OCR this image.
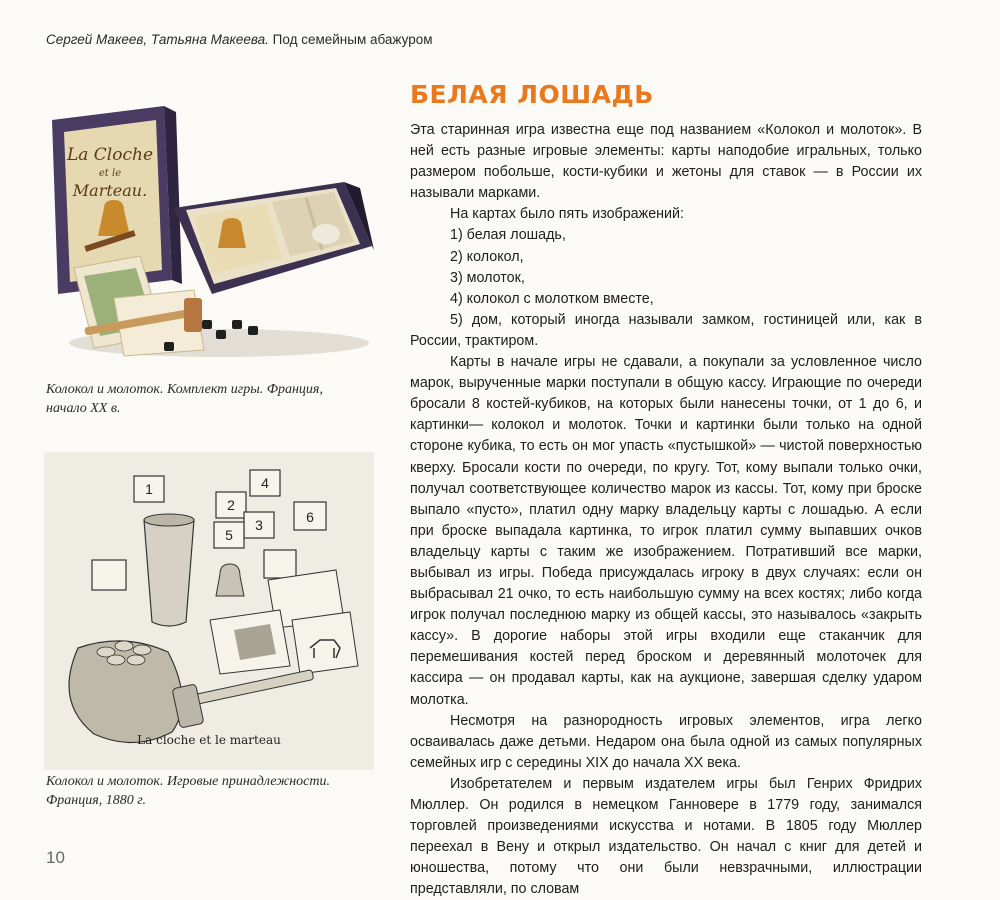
Сергей Макеев, Татьяна Макеева. Под семейным абажуром
La Cloche
et le
Marteau.
Колокол и молоток. Комплект игры. Франция, начало XX в.
1
2
3
4
5
6
La cloche et le marteau
Колокол и молоток. Игровые принадлежности. Франция, 1880 г.
10
БЕЛАЯ ЛОШАДЬ

Эта старинная игра известна еще под названием «Колокол и молоток». В ней есть разные игровые элементы: карты наподобие игральных, только размером побольше, кости-кубики и жетоны для ставок — в России их называли марками.

На картах было пять изображений:

1) белая лошадь,

2) колокол,

3) молоток,

4) колокол с молотком вместе,

5) дом, который иногда называли замком, гостиницей или, как в России, трактиром.

Карты в начале игры не сдавали, а покупали за условленное число марок, вырученные марки поступали в общую кассу. Играющие по очереди бросали 8 костей-кубиков, на которых были нанесены точки, от 1 до 6, и картинки— колокол и молоток. Точки и картинки были только на одной стороне кубика, то есть он мог упасть «пустышкой» — чистой поверхностью кверху. Бросали кости по очереди, по кругу. Тот, кому выпали только очки, получал соответствующее количество марок из кассы. Тот, кому при броске выпало «пусто», платил одну марку владельцу карты с лошадью. А если при броске выпадала картинка, то игрок платил сумму выпавших очков владельцу карты с таким же изображением. Потративший все марки, выбывал из игры. Победа присуждалась игроку в двух случаях: если он выбрасывал 21 очко, то есть наибольшую сумму на всех костях; либо когда игрок получал последнюю марку из общей кассы, это называлось «закрыть кассу». В дорогие наборы этой игры входили еще стаканчик для перемешивания костей перед броском и деревянный молоточек для кассира — он продавал карты, как на аукционе, завершая сделку ударом молотка.

Несмотря на разнородность игровых элементов, игра легко осваивалась даже детьми. Недаром она была одной из самых популярных семейных игр с середины XIX до начала XX века.

Изобретателем и первым издателем игры был Генрих Фридрих Мюллер. Он родился в немецком Ганновере в 1779 году, занимался торговлей произведениями искусства и нотами. В 1805 году Мюллер переехал в Вену и открыл издательство. Он начал с книг для детей и юношества, потому что они были невзрачными, иллюстрации представляли, по словам
